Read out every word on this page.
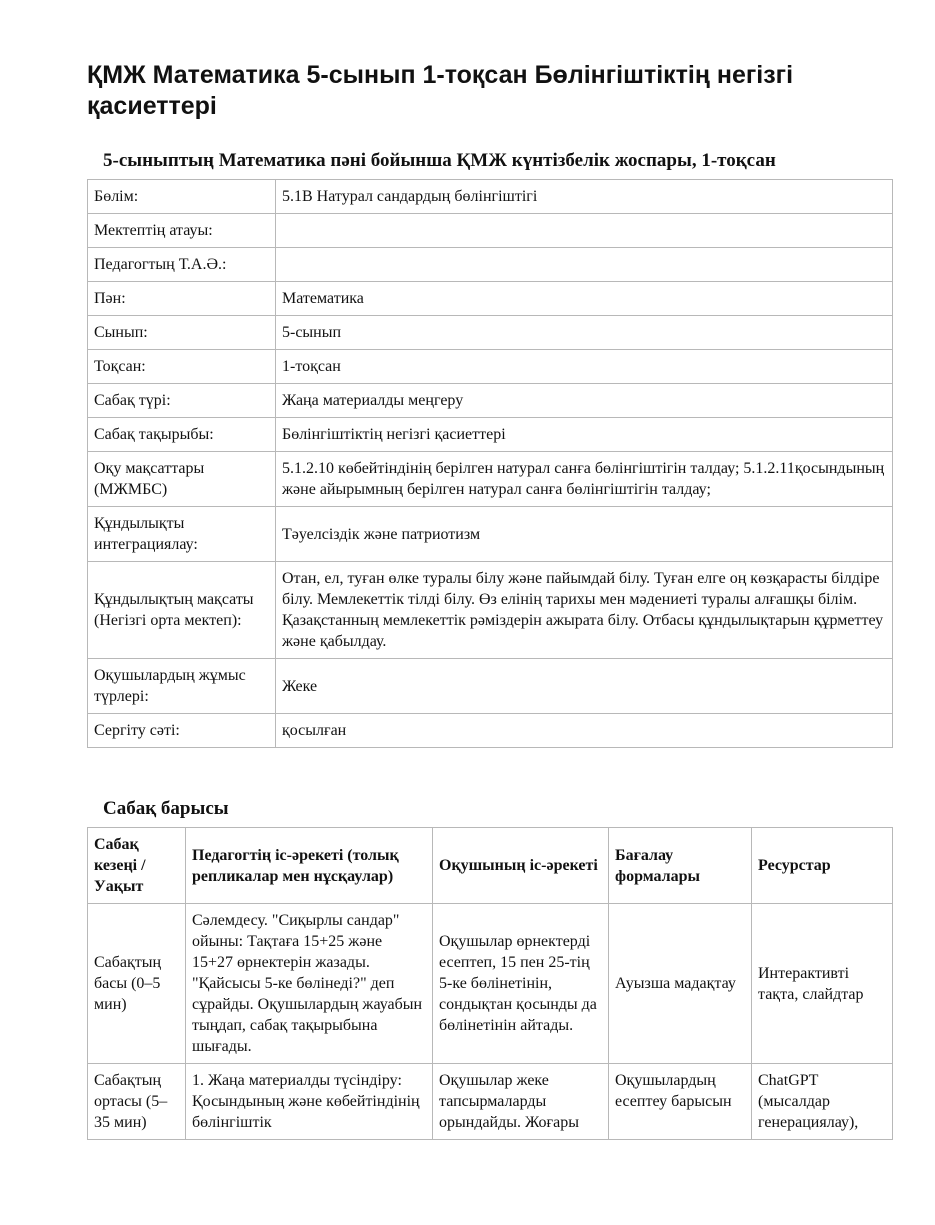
ҚМЖ Математика 5-сынып 1-тоқсан Бөлінгіштіктің негізгі қасиеттері
5-сыныптың Математика пәні бойынша ҚМЖ күнтізбелік жоспары, 1-тоқсан
Бөлім:	5.1В Натурал сандардың бөлінгіштігі
Мектептің атауы:	
Педагогтың Т.А.Ә.:	
Пән:	Математика
Сынып:	5-сынып
Тоқсан:	1-тоқсан
Сабақ түрі:	Жаңа материалды меңгеру
Сабақ тақырыбы:	Бөлінгіштіктің негізгі қасиеттері
Оқу мақсаттары (МЖМБС)	5.1.2.10 көбейтіндінің берілген натурал санға бөлінгіштігін талдау; 5.1.2.11қосындының және айырымның берілген натурал санға бөлінгіштігін талдау;
Құндылықты интеграциялау:	Тәуелсіздік және патриотизм
Құндылықтың мақсаты (Негізгі орта мектеп):	Отан, ел, туған өлке туралы білу және пайымдай білу. Туған елге оң көзқарасты білдіре білу. Мемлекеттік тілді білу. Өз елінің тарихы мен мәдениеті туралы алғашқы білім. Қазақстанның мемлекеттік рәміздерін ажырата білу. Отбасы құндылықтарын құрметтеу және қабылдау.
Оқушылардың жұмыс түрлері:	Жеке
Сергіту сәті:	қосылған
Сабақ барысы
Сабақ кезеңі / Уақыт	Педагогтің іс-әрекеті (толық репликалар мен нұсқаулар)	Оқушының іс-әрекеті	Бағалау формалары	Ресурстар
Сабақтың басы (0–5 мин)	Сәлемдесу. "Сиқырлы сандар" ойыны: Тақтаға 15+25 және 15+27 өрнектерін жазады. "Қайсысы 5-ке бөлінеді?" деп сұрайды. Оқушылардың жауабын тыңдап, сабақ тақырыбына шығады.	Оқушылар өрнектерді есептеп, 15 пен 25-тің 5-ке бөлінетінін, сондықтан қосынды да бөлінетінін айтады.	Ауызша мадақтау	Интерактивті тақта, слайдтар
Сабақтың ортасы (5–35 мин)	1. Жаңа материалды түсіндіру: Қосындының және көбейтіндінің бөлінгіштік	Оқушылар жеке тапсырмаларды орындайды. Жоғары	Оқушылардың есептеу барысын	ChatGPT (мысалдар генерациялау),
